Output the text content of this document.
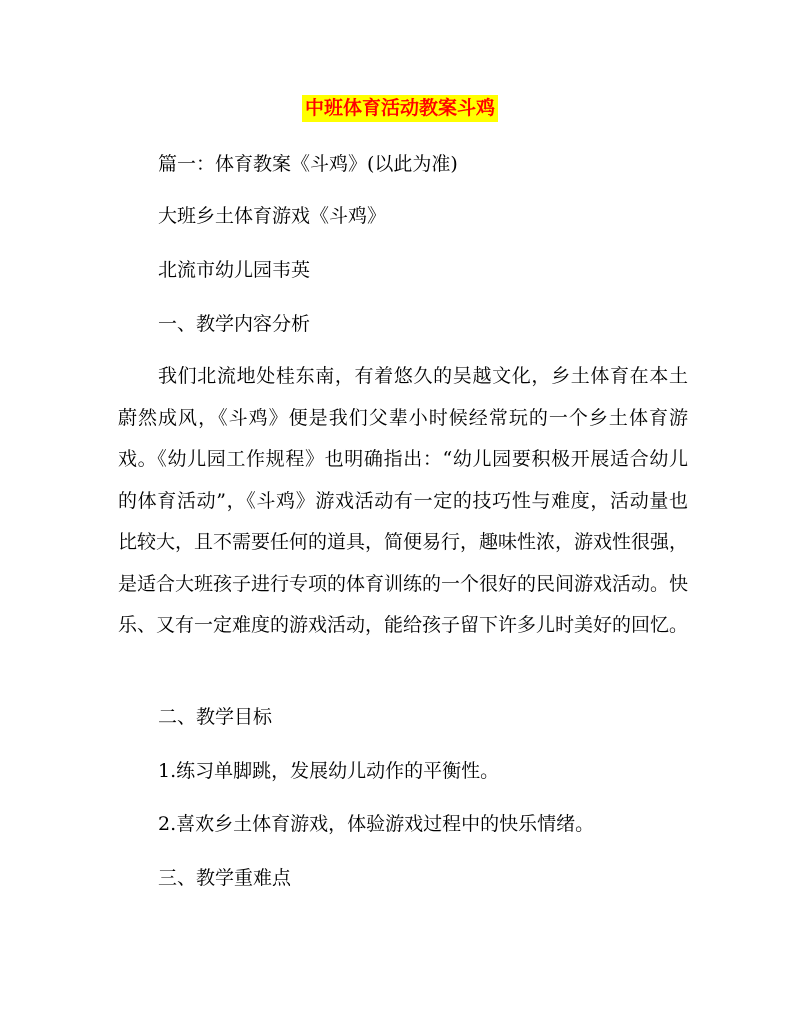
中班体育活动教案斗鸡
篇一：体育教案《斗鸡》(以此为准)
大班乡土体育游戏《斗鸡》
北流市幼儿园韦英
一、教学内容分析
我们北流地处桂东南，有着悠久的吴越文化，乡土体育在本土蔚然成风，《斗鸡》便是我们父辈小时候经常玩的一个乡土体育游戏。《幼儿园工作规程》也明确指出：“幼儿园要积极开展适合幼儿的体育活动”，《斗鸡》游戏活动有一定的技巧性与难度，活动量也比较大，且不需要任何的道具，简便易行，趣味性浓，游戏性很强，是适合大班孩子进行专项的体育训练的一个很好的民间游戏活动。快乐、又有一定难度的游戏活动，能给孩子留下许多儿时美好的回忆。
二、教学目标
1.练习单脚跳，发展幼儿动作的平衡性。
2.喜欢乡土体育游戏，体验游戏过程中的快乐情绪。
三、教学重难点
